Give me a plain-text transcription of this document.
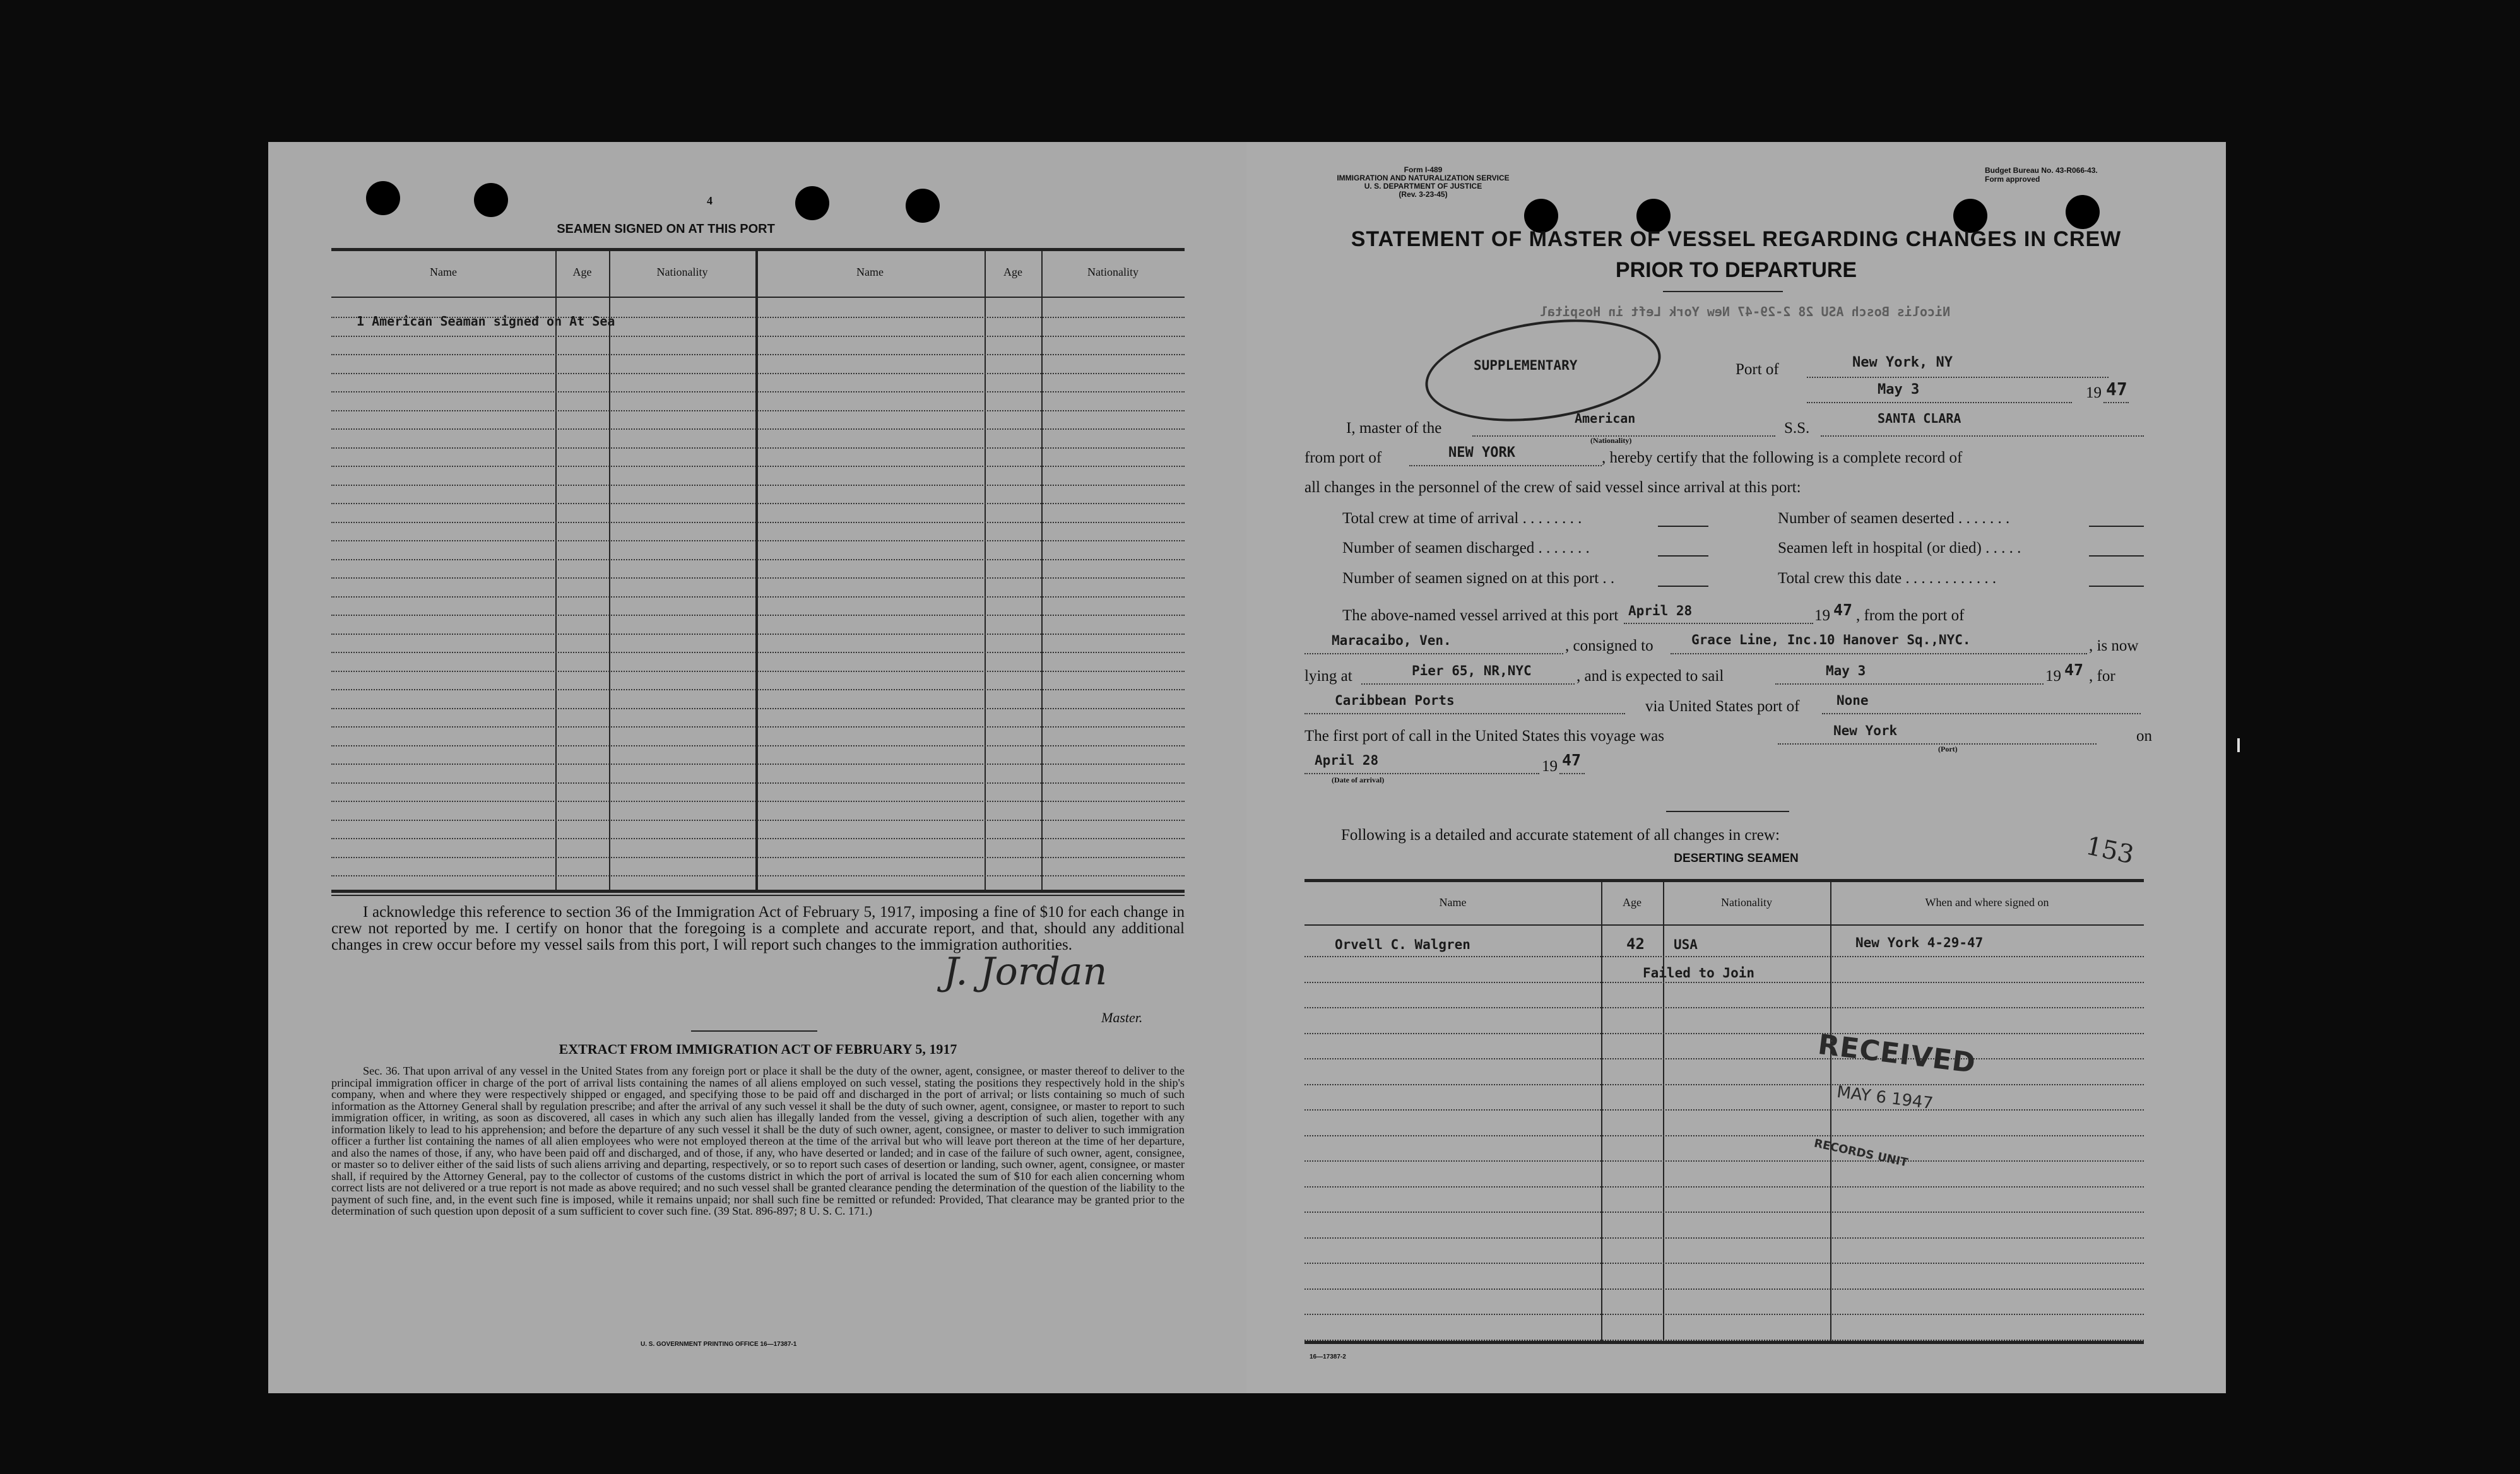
4
SEAMEN SIGNED ON AT THIS PORT
Name	Age	Nationality	Name	Age	Nationality
1 American Seaman signed on At Sea
I acknowledge this reference to section 36 of the Immigration Act of February 5, 1917, imposing a fine of $10 for each change in crew not reported by me. I certify on honor that the foregoing is a complete and accurate report, and that, should any additional changes in crew occur before my vessel sails from this port, I will report such changes to the immigration authorities.
J. Jordan
Master.
EXTRACT FROM IMMIGRATION ACT OF FEBRUARY 5, 1917
Sec. 36. That upon arrival of any vessel in the United States from any foreign port or place it shall be the duty of the owner, agent, consignee, or master thereof to deliver to the principal immigration officer in charge of the port of arrival lists containing the names of all aliens employed on such vessel, stating the positions they respectively hold in the ship's company, when and where they were respectively shipped or engaged, and specifying those to be paid off and discharged in the port of arrival; or lists containing so much of such information as the Attorney General shall by regulation prescribe; and after the arrival of any such vessel it shall be the duty of such owner, agent, consignee, or master to report to such immigration officer, in writing, as soon as discovered, all cases in which any such alien has illegally landed from the vessel, giving a description of such alien, together with any information likely to lead to his apprehension; and before the departure of any such vessel it shall be the duty of such owner, agent, consignee, or master to deliver to such immigration officer a further list containing the names of all alien employees who were not employed thereon at the time of the arrival but who will leave port thereon at the time of her departure, and also the names of those, if any, who have been paid off and discharged, and of those, if any, who have deserted or landed; and in case of the failure of such owner, agent, consignee, or master so to deliver either of the said lists of such aliens arriving and departing, respectively, or so to report such cases of desertion or landing, such owner, agent, consignee, or master shall, if required by the Attorney General, pay to the collector of customs of the customs district in which the port of arrival is located the sum of $10 for each alien concerning whom correct lists are not delivered or a true report is not made as above required; and no such vessel shall be granted clearance pending the determination of the question of the liability to the payment of such fine, and, in the event such fine is imposed, while it remains unpaid; nor shall such fine be remitted or refunded: Provided, That clearance may be granted prior to the determination of such question upon deposit of a sum sufficient to cover such fine. (39 Stat. 896-897; 8 U. S. C. 171.)
U. S. GOVERNMENT PRINTING OFFICE 16—17387-1
Form I-489
IMMIGRATION AND NATURALIZATION SERVICE
U. S. DEPARTMENT OF JUSTICE
(Rev. 3-23-45)
Budget Bureau No. 43-R066-43.
Form approved
STATEMENT OF MASTER OF VESSEL REGARDING CHANGES IN CREW
PRIOR TO DEPARTURE
Nicolis Bosch ASU 28 2-29-47 New York Left in Hospital
SUPPLEMENTARY	Port of	New York, NY
May 3	19 47
I, master of the
American
(Nationality)
S.S.
SANTA CLARA
from port of	NEW YORK	, hereby certify that the following is a complete record of
all changes in the personnel of the crew of said vessel since arrival at this port:
Total crew at time of arrival . . . . . . . .	Number of seamen deserted . . . . . . .
Number of seamen discharged . . . . . . .	Seamen left in hospital (or died) . . . . .
Number of seamen signed on at this port . .	Total crew this date . . . . . . . . . . . .
The above-named vessel arrived at this port April 28	19 47 , from the port of
Maracaibo, Ven.	, consigned to	Grace Line, Inc.10 Hanover Sq.,NYC.	, is now
lying at	Pier 65, NR,NYC	, and is expected to sail	May 3	19 47 , for
Caribbean Ports	via United States port of	None
The first port of call in the United States this voyage was	New York
(Port)
on
April 28
(Date of arrival)
19 47
Following is a detailed and accurate statement of all changes in crew:	153
DESERTING SEAMEN
Name	Age	Nationality	When and where signed on
Orvell C. Walgren	42 USA	New York 4-29-47
Failed to Join
RECEIVED
MAY 6 1947
RECORDS UNIT
16—17387-2
